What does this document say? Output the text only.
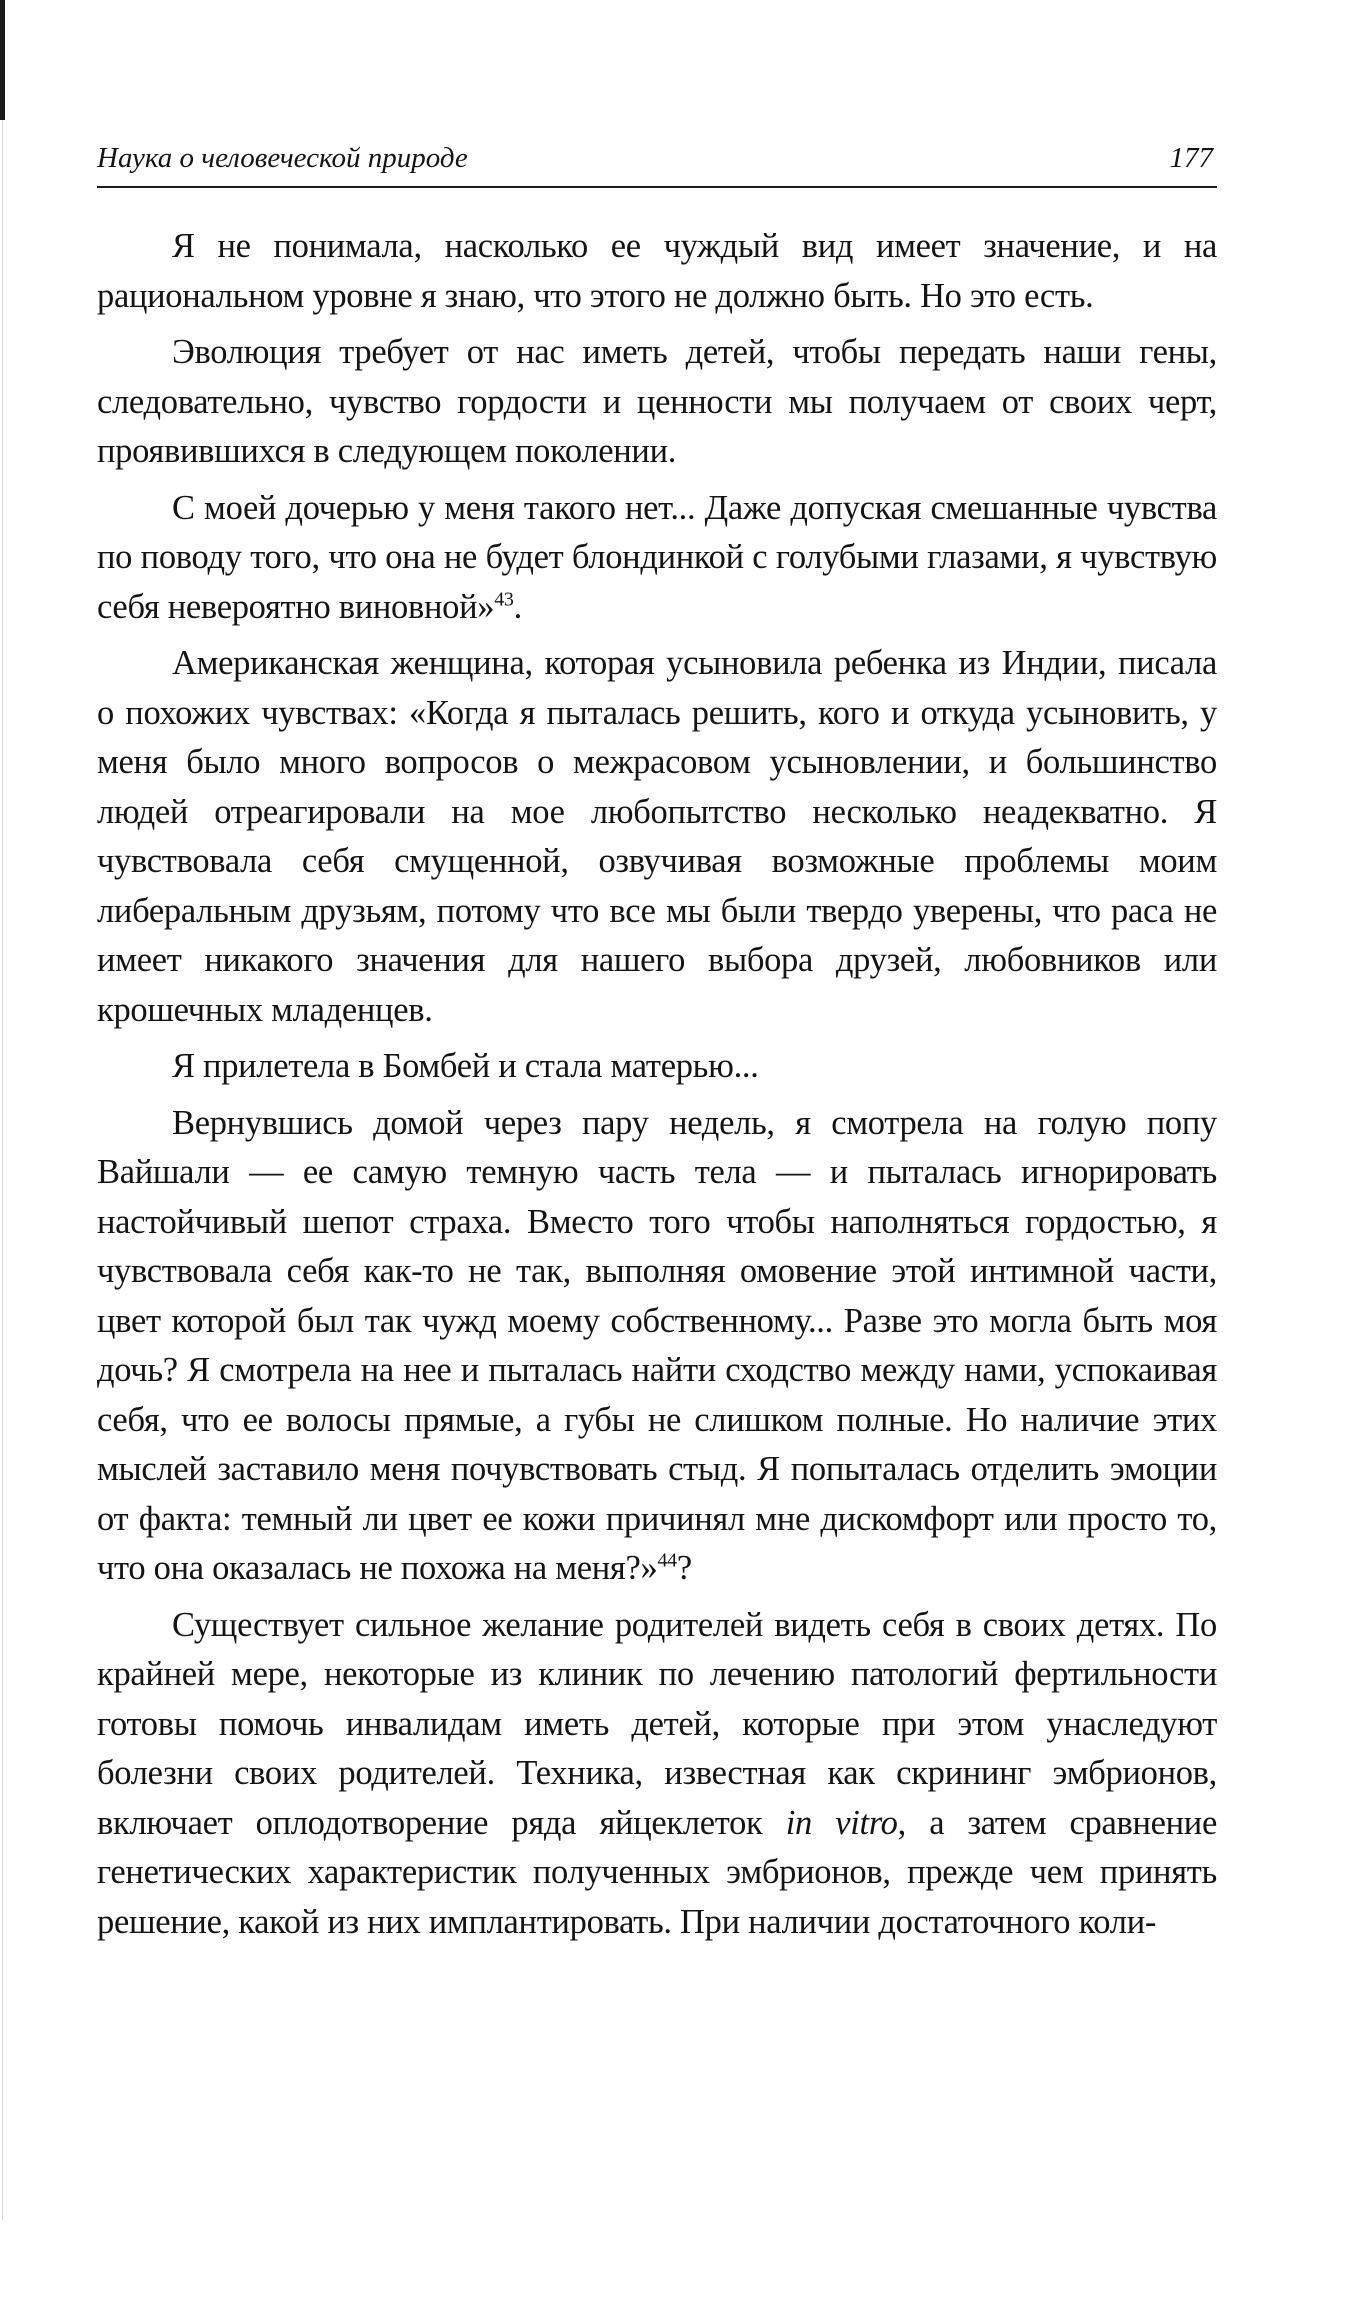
Наука о человеческой природе	177

Я не понимала, насколько ее чуждый вид имеет значение, и на рациональном уровне я знаю, что этого не должно быть. Но это есть.

Эволюция требует от нас иметь детей, чтобы передать наши гены, следовательно, чувство гордости и ценности мы получаем от своих черт, проявившихся в следующем поколении.

С моей дочерью у меня такого нет... Даже допуская смешанные чувства по поводу того, что она не будет блондинкой с голубыми глазами, я чувствую себя невероятно виновной»$^{43}$.

Американская женщина, которая усыновила ребенка из Индии, писала о похожих чувствах: «Когда я пыталась решить, кого и откуда усыновить, у меня было много вопросов о межрасовом усыновлении, и большинство людей отреагировали на мое любопытство несколько неадекватно. Я чувствовала себя смущенной, озвучивая возможные проблемы моим либеральным друзьям, потому что все мы были твердо уверены, что раса не имеет никакого значения для нашего выбора друзей, любовников или крошечных младенцев.

Я прилетела в Бомбей и стала матерью...

Вернувшись домой через пару недель, я смотрела на голую попу Вайшали — ее самую темную часть тела — и пыталась игнорировать настойчивый шепот страха. Вместо того чтобы наполняться гордостью, я чувствовала себя как-то не так, выполняя омовение этой интимной части, цвет которой был так чужд моему собственному... Разве это могла быть моя дочь? Я смотрела на нее и пыталась найти сходство между нами, успокаивая себя, что ее волосы прямые, а губы не слишком полные. Но наличие этих мыслей заставило меня почувствовать стыд. Я попыталась отделить эмоции от факта: темный ли цвет ее кожи причинял мне дискомфорт или просто то, что она оказалась не похожа на меня?»$^{44}$?

Существует сильное желание родителей видеть себя в своих детях. По крайней мере, некоторые из клиник по лечению патологий фертильности готовы помочь инвалидам иметь детей, которые при этом унаследуют болезни своих родителей. Техника, известная как скрининг эмбрионов, включает оплодотворение ряда яйцеклеток in vitro, а затем сравнение генетических характеристик полученных эмбрионов, прежде чем принять решение, какой из них имплантировать. При наличии достаточного коли-
